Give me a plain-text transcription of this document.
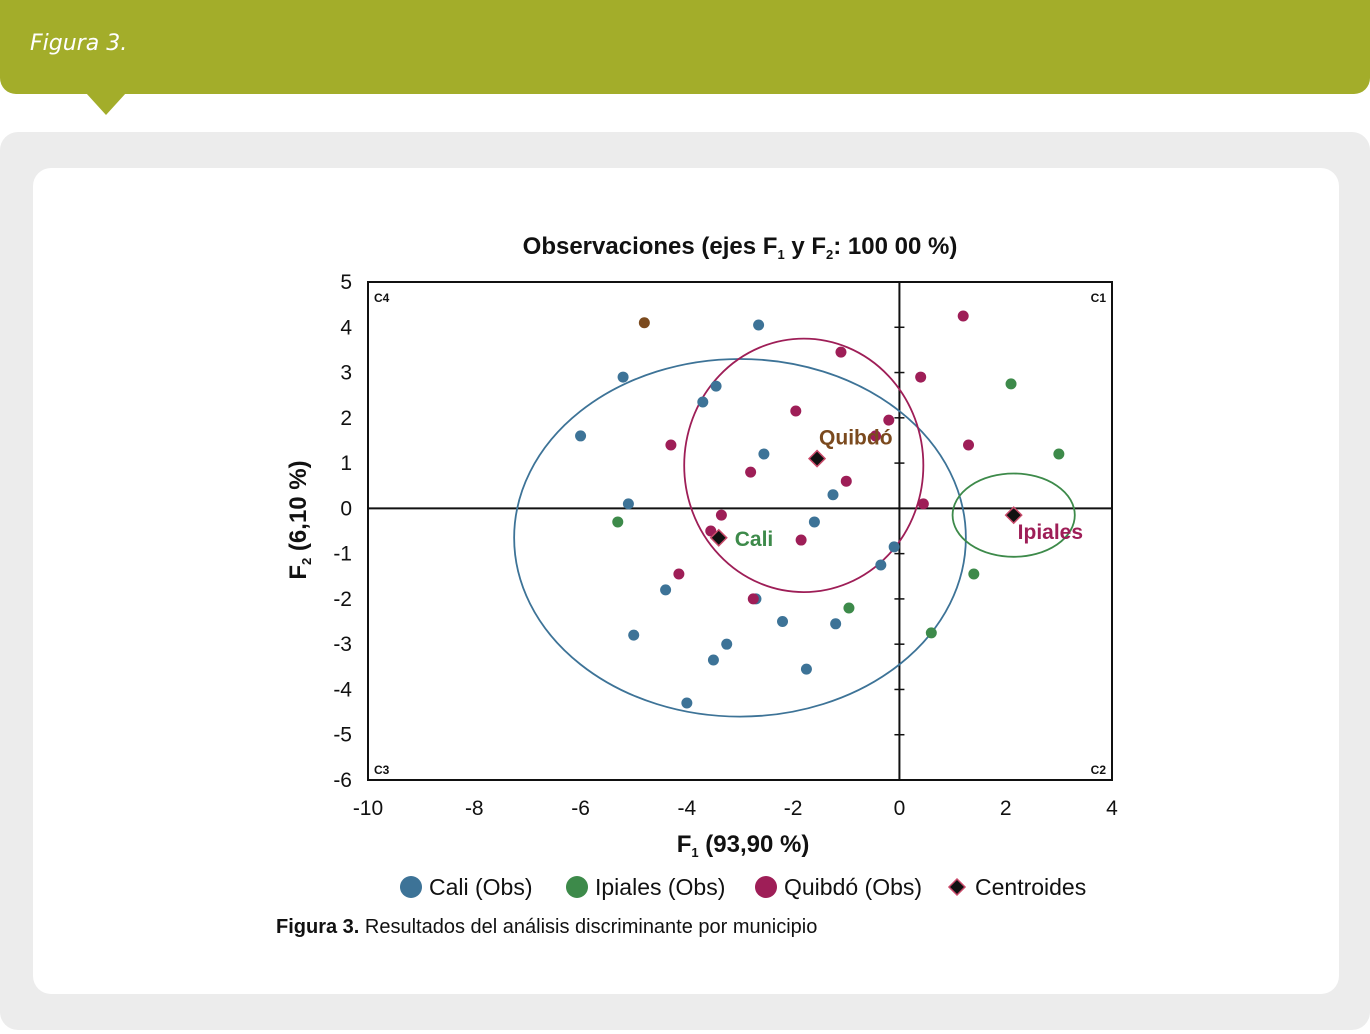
Figura 3.
Observaciones (ejes $F_1$ y $F_2$: 100 00 %)
-10	-8	-6	-4	-2	0	2	4
-6
-5
-4
-3
-2
-1
0
1
2
3
4
5
$F_1$ (93,90 %)
$F_2$ (6,10 %)
C1
C2
C3
C4
Cali
Quibdó
Ipiales
Cali (Obs)	Ipiales (Obs)	Quibdó (Obs) Centroides
Figura 3. Resultados del análisis discriminante por municipio
